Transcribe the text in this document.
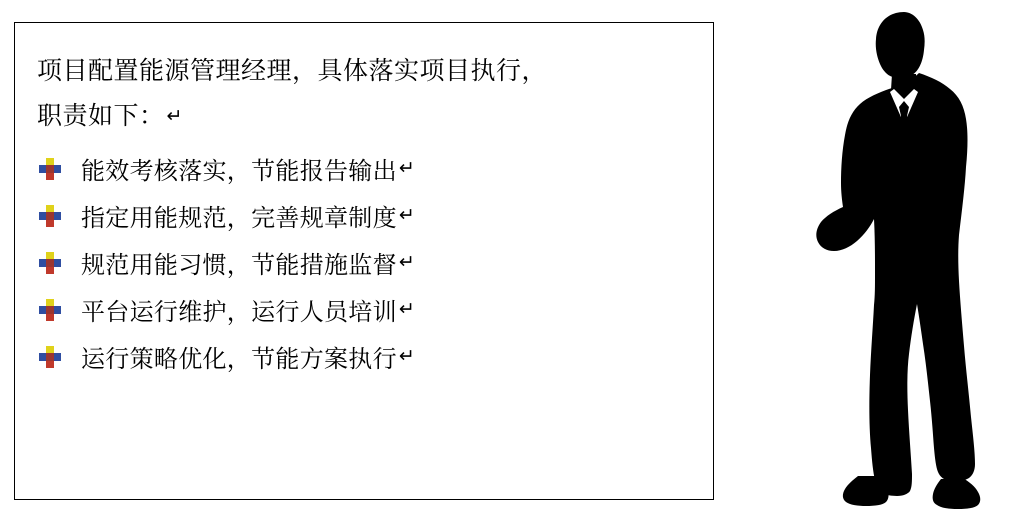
项目配置能源管理经理，具体落实项目执行，
职责如下： ↵
能效考核落实，节能报告输出 ↵
指定用能规范，完善规章制度 ↵
规范用能习惯，节能措施监督 ↵
平台运行维护，运行人员培训 ↵
运行策略优化，节能方案执行 ↵
